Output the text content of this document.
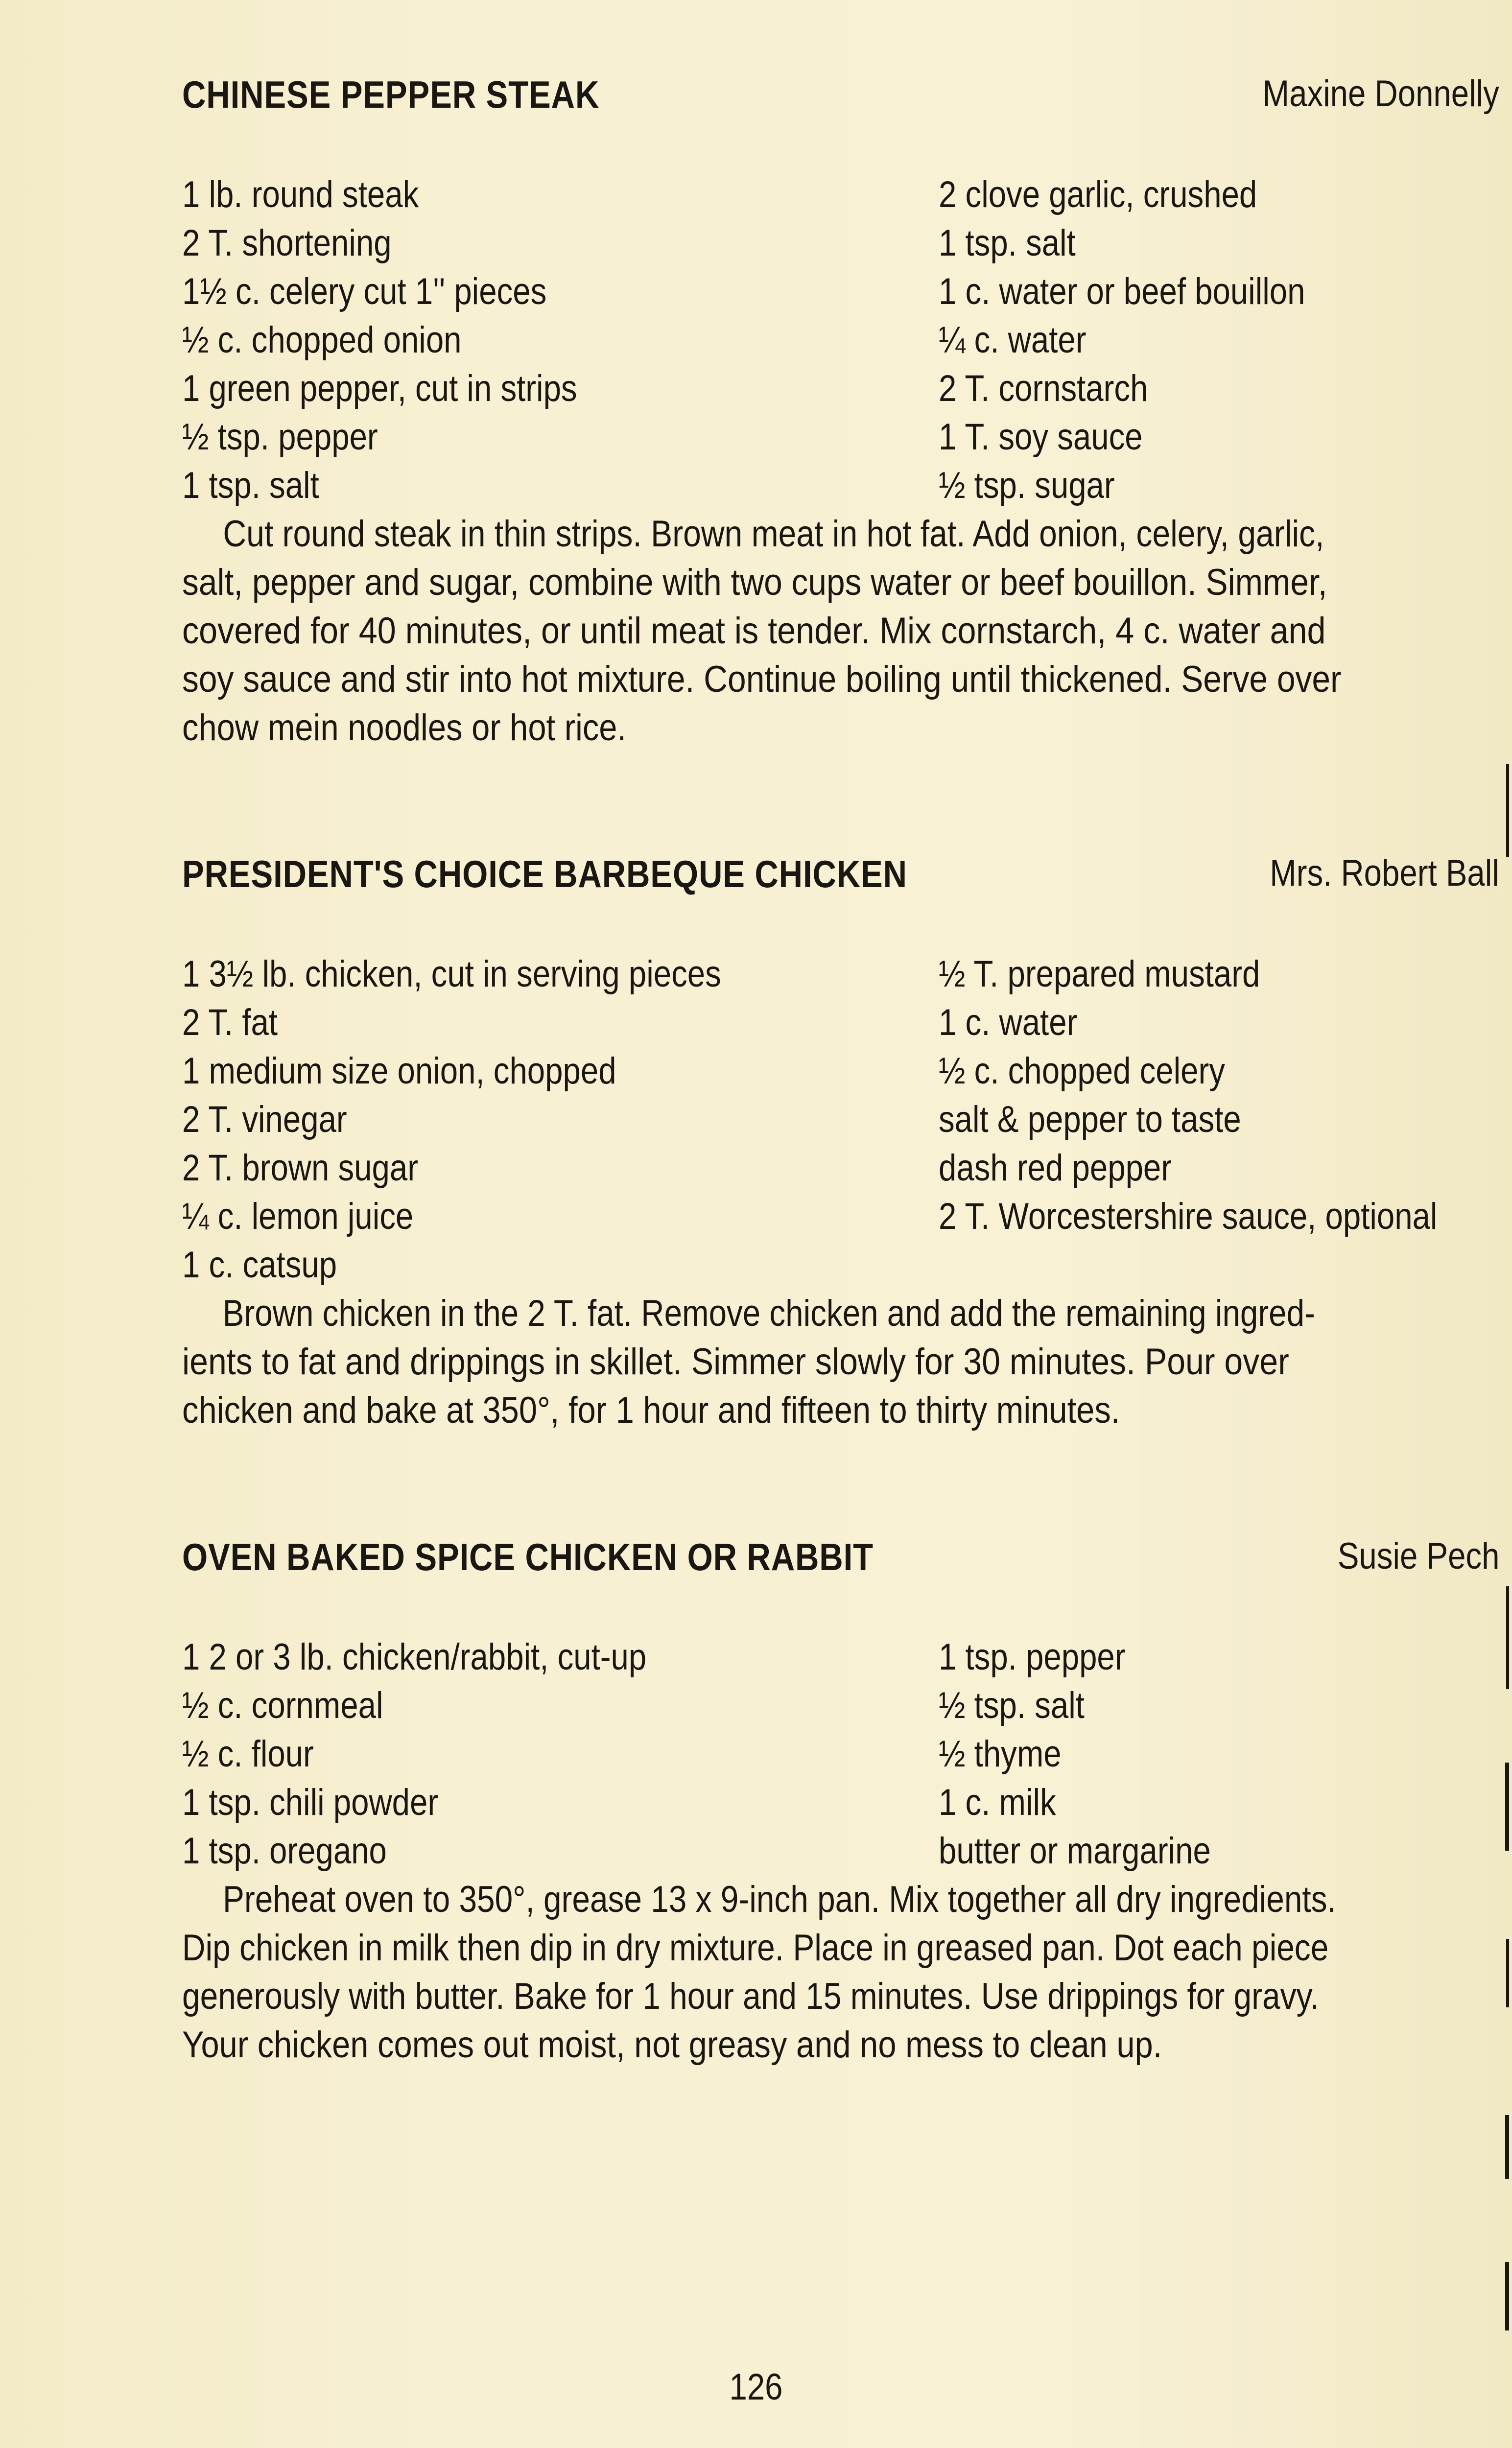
CHINESE PEPPER STEAK	Maxine Donnelly
1 lb. round steak
2 T. shortening
1½ c. celery cut 1'' pieces
½ c. chopped onion
1 green pepper, cut in strips
½ tsp. pepper
1 tsp. salt
2 clove garlic, crushed
1 tsp. salt
1 c. water or beef bouillon
¼ c. water
2 T. cornstarch
1 T. soy sauce
½ tsp. sugar
Cut round steak in thin strips. Brown meat in hot fat. Add onion, celery, garlic,
salt, pepper and sugar, combine with two cups water or beef bouillon. Simmer,
covered for 40 minutes, or until meat is tender. Mix cornstarch, 4 c. water and
soy sauce and stir into hot mixture. Continue boiling until thickened. Serve over
chow mein noodles or hot rice.
PRESIDENT'S CHOICE BARBEQUE CHICKEN	Mrs. Robert Ball
1 3½ lb. chicken, cut in serving pieces
2 T. fat
1 medium size onion, chopped
2 T. vinegar
2 T. brown sugar
¼ c. lemon juice
1 c. catsup
½ T. prepared mustard
1 c. water
½ c. chopped celery
salt & pepper to taste
dash red pepper
2 T. Worcestershire sauce, optional
Brown chicken in the 2 T. fat. Remove chicken and add the remaining ingred-
ients to fat and drippings in skillet. Simmer slowly for 30 minutes. Pour over
chicken and bake at 350°, for 1 hour and fifteen to thirty minutes.
OVEN BAKED SPICE CHICKEN OR RABBIT	Susie Pech
1 2 or 3 lb. chicken/rabbit, cut-up
½ c. cornmeal
½ c. flour
1 tsp. chili powder
1 tsp. oregano
1 tsp. pepper
½ tsp. salt
½ thyme
1 c. milk
butter or margarine
Preheat oven to 350°, grease 13 x 9-inch pan. Mix together all dry ingredients.
Dip chicken in milk then dip in dry mixture. Place in greased pan. Dot each piece
generously with butter. Bake for 1 hour and 15 minutes. Use drippings for gravy.
Your chicken comes out moist, not greasy and no mess to clean up.
126
